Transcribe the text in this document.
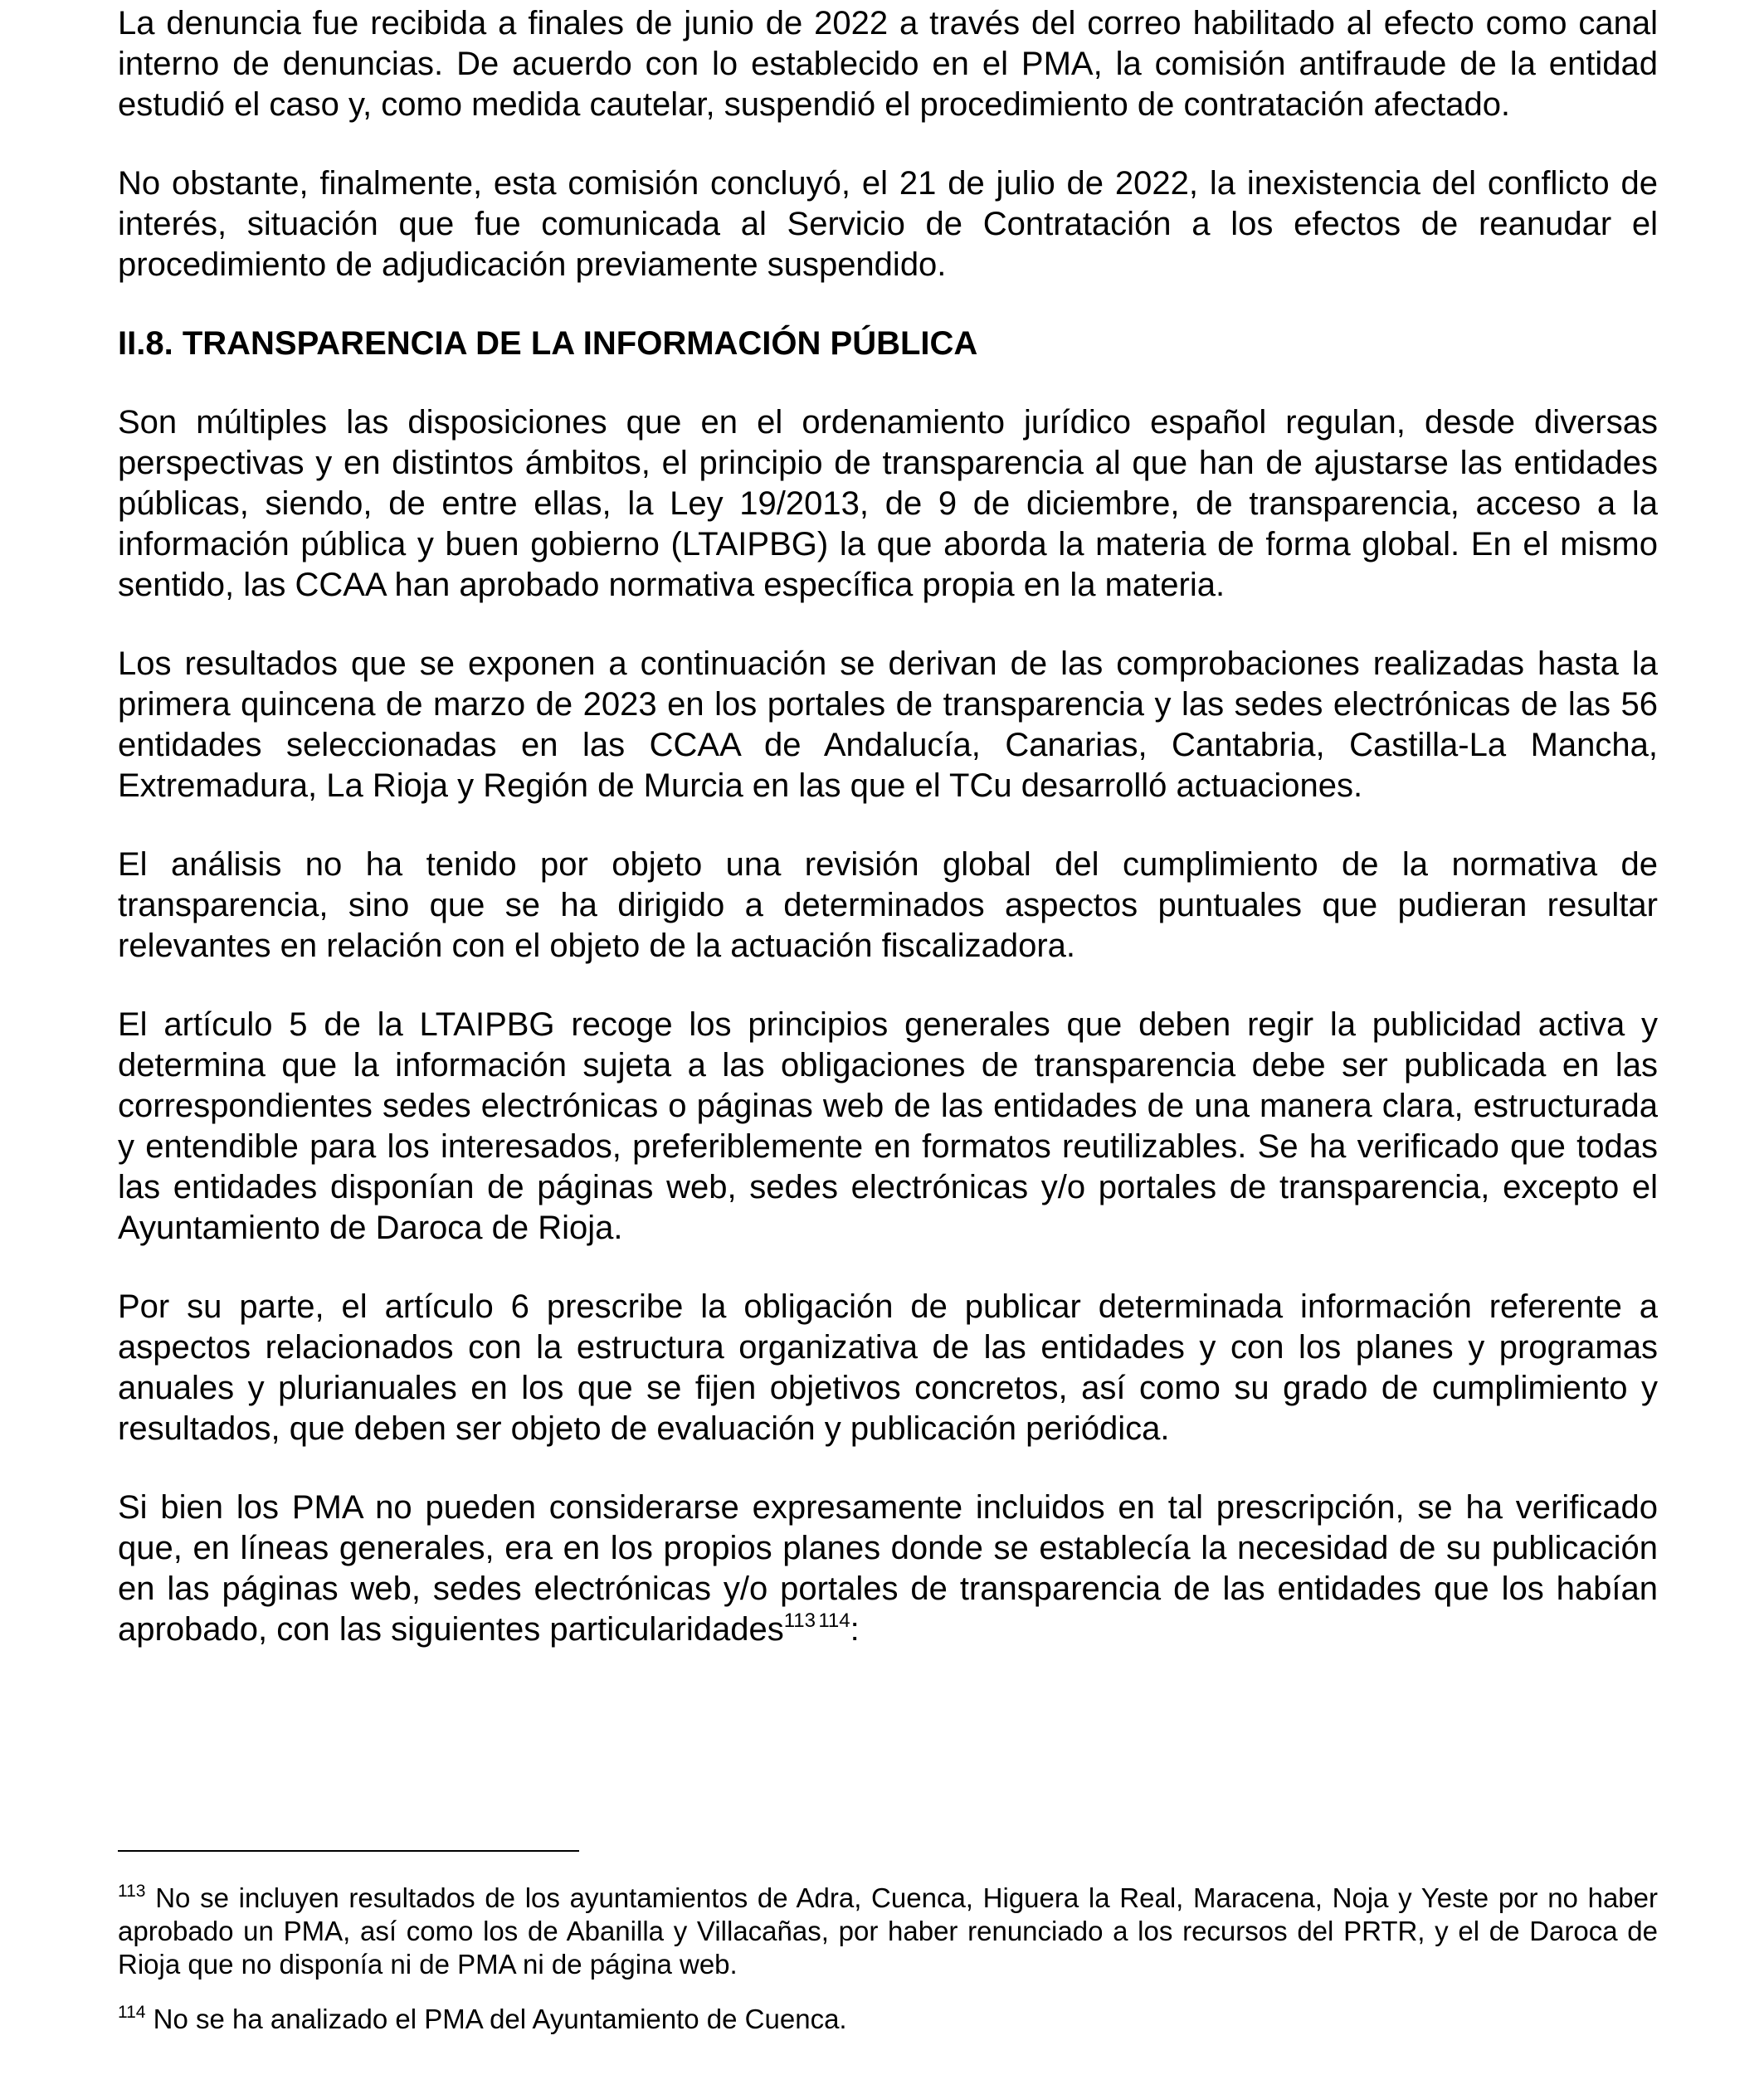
La denuncia fue recibida a finales de junio de 2022 a través del correo habilitado al efecto como canal interno de denuncias. De acuerdo con lo establecido en el PMA, la comisión antifraude de la entidad estudió el caso y, como medida cautelar, suspendió el procedimiento de contratación afectado.

No obstante, finalmente, esta comisión concluyó, el 21 de julio de 2022, la inexistencia del conflicto de interés, situación que fue comunicada al Servicio de Contratación a los efectos de reanudar el procedimiento de adjudicación previamente suspendido.

II.8. TRANSPARENCIA DE LA INFORMACIÓN PÚBLICA

Son múltiples las disposiciones que en el ordenamiento jurídico español regulan, desde diversas perspectivas y en distintos ámbitos, el principio de transparencia al que han de ajustarse las entidades públicas, siendo, de entre ellas, la Ley 19/2013, de 9 de diciembre, de transparencia, acceso a la información pública y buen gobierno (LTAIPBG) la que aborda la materia de forma global. En el mismo sentido, las CCAA han aprobado normativa específica propia en la materia.

Los resultados que se exponen a continuación se derivan de las comprobaciones realizadas hasta la primera quincena de marzo de 2023 en los portales de transparencia y las sedes electrónicas de las 56 entidades seleccionadas en las CCAA de Andalucía, Canarias, Cantabria, Castilla-La Mancha, Extremadura, La Rioja y Región de Murcia en las que el TCu desarrolló actuaciones.

El análisis no ha tenido por objeto una revisión global del cumplimiento de la normativa de transparencia, sino que se ha dirigido a determinados aspectos puntuales que pudieran resultar relevantes en relación con el objeto de la actuación fiscalizadora.

El artículo 5 de la LTAIPBG recoge los principios generales que deben regir la publicidad activa y determina que la información sujeta a las obligaciones de transparencia debe ser publicada en las correspondientes sedes electrónicas o páginas web de las entidades de una manera clara, estructurada y entendible para los interesados, preferiblemente en formatos reutilizables. Se ha verificado que todas las entidades disponían de páginas web, sedes electrónicas y/o portales de transparencia, excepto el Ayuntamiento de Daroca de Rioja.

Por su parte, el artículo 6 prescribe la obligación de publicar determinada información referente a aspectos relacionados con la estructura organizativa de las entidades y con los planes y programas anuales y plurianuales en los que se fijen objetivos concretos, así como su grado de cumplimiento y resultados, que deben ser objeto de evaluación y publicación periódica.

Si bien los PMA no pueden considerarse expresamente incluidos en tal prescripción, se ha verificado que, en líneas generales, era en los propios planes donde se establecía la necesidad de su publicación en las páginas web, sedes electrónicas y/o portales de transparencia de las entidades que los habían aprobado, con las siguientes particularidades$^{113}$  $^{114}$:

$^{113}$ No se incluyen resultados de los ayuntamientos de Adra, Cuenca, Higuera la Real, Maracena, Noja y Yeste por no haber aprobado un PMA, así como los de Abanilla y Villacañas, por haber renunciado a los recursos del PRTR, y el de Daroca de Rioja que no disponía ni de PMA ni de página web.

$^{114}$ No se ha analizado el PMA del Ayuntamiento de Cuenca.
